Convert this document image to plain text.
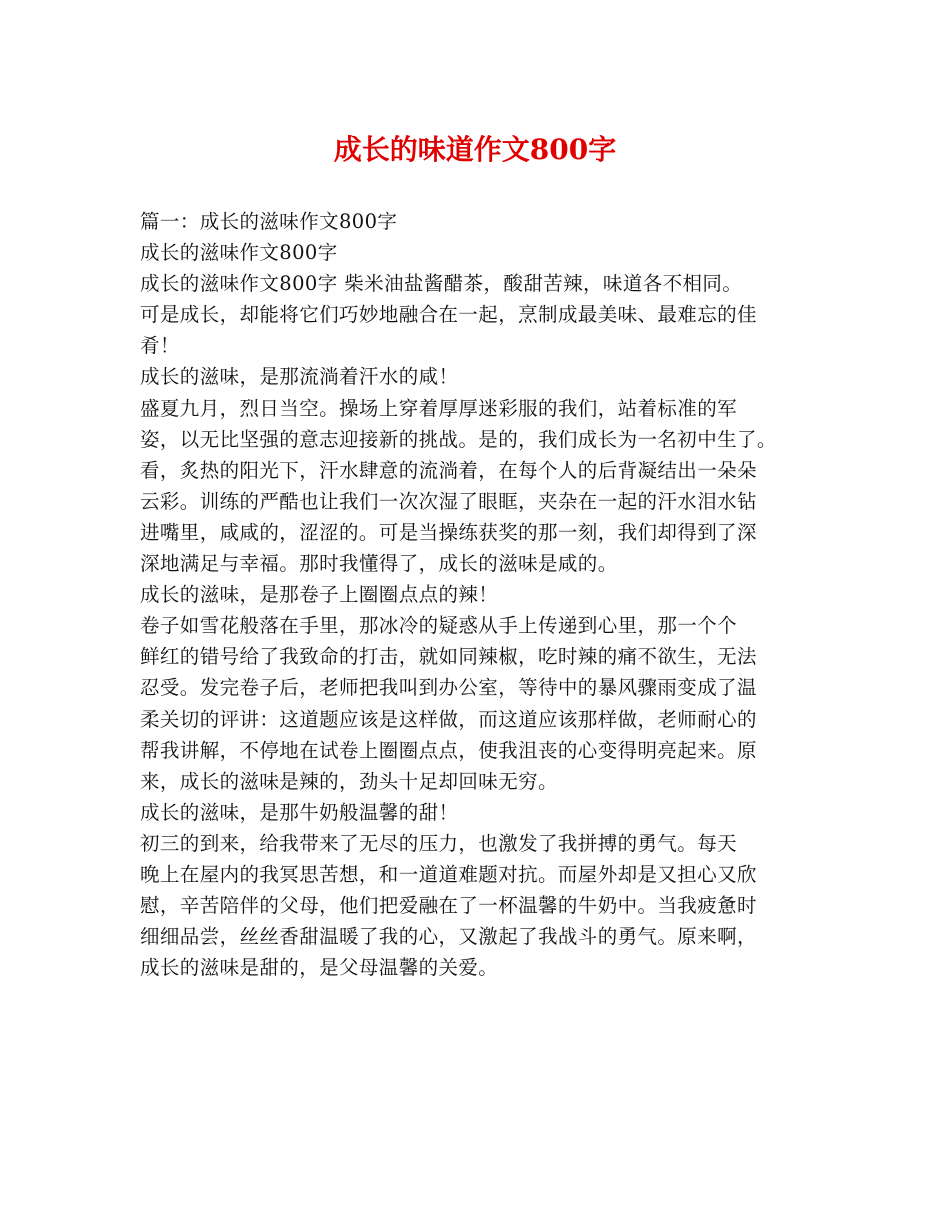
成长的味道作文800字
篇一：成长的滋味作文800字
成长的滋味作文800字
成长的滋味作文800字 柴米油盐酱醋茶，酸甜苦辣，味道各不相同。
可是成长，却能将它们巧妙地融合在一起，烹制成最美味、最难忘的佳
肴！
成长的滋味，是那流淌着汗水的咸！
盛夏九月，烈日当空。操场上穿着厚厚迷彩服的我们，站着标准的军
姿，以无比坚强的意志迎接新的挑战。是的，我们成长为一名初中生了。
看，炙热的阳光下，汗水肆意的流淌着，在每个人的后背凝结出一朵朵
云彩。训练的严酷也让我们一次次湿了眼眶，夹杂在一起的汗水泪水钻
进嘴里，咸咸的，涩涩的。可是当操练获奖的那一刻，我们却得到了深
深地满足与幸福。那时我懂得了，成长的滋味是咸的。
成长的滋味，是那卷子上圈圈点点的辣！
卷子如雪花般落在手里，那冰冷的疑惑从手上传递到心里，那一个个
鲜红的错号给了我致命的打击，就如同辣椒，吃时辣的痛不欲生，无法
忍受。发完卷子后，老师把我叫到办公室，等待中的暴风骤雨变成了温
柔关切的评讲：这道题应该是这样做，而这道应该那样做，老师耐心的
帮我讲解，不停地在试卷上圈圈点点，使我沮丧的心变得明亮起来。原
来，成长的滋味是辣的，劲头十足却回味无穷。
成长的滋味，是那牛奶般温馨的甜！
初三的到来，给我带来了无尽的压力，也激发了我拼搏的勇气。每天
晚上在屋内的我冥思苦想，和一道道难题对抗。而屋外却是又担心又欣
慰，辛苦陪伴的父母，他们把爱融在了一杯温馨的牛奶中。当我疲惫时
细细品尝，丝丝香甜温暖了我的心，又激起了我战斗的勇气。原来啊，
成长的滋味是甜的，是父母温馨的关爱。
